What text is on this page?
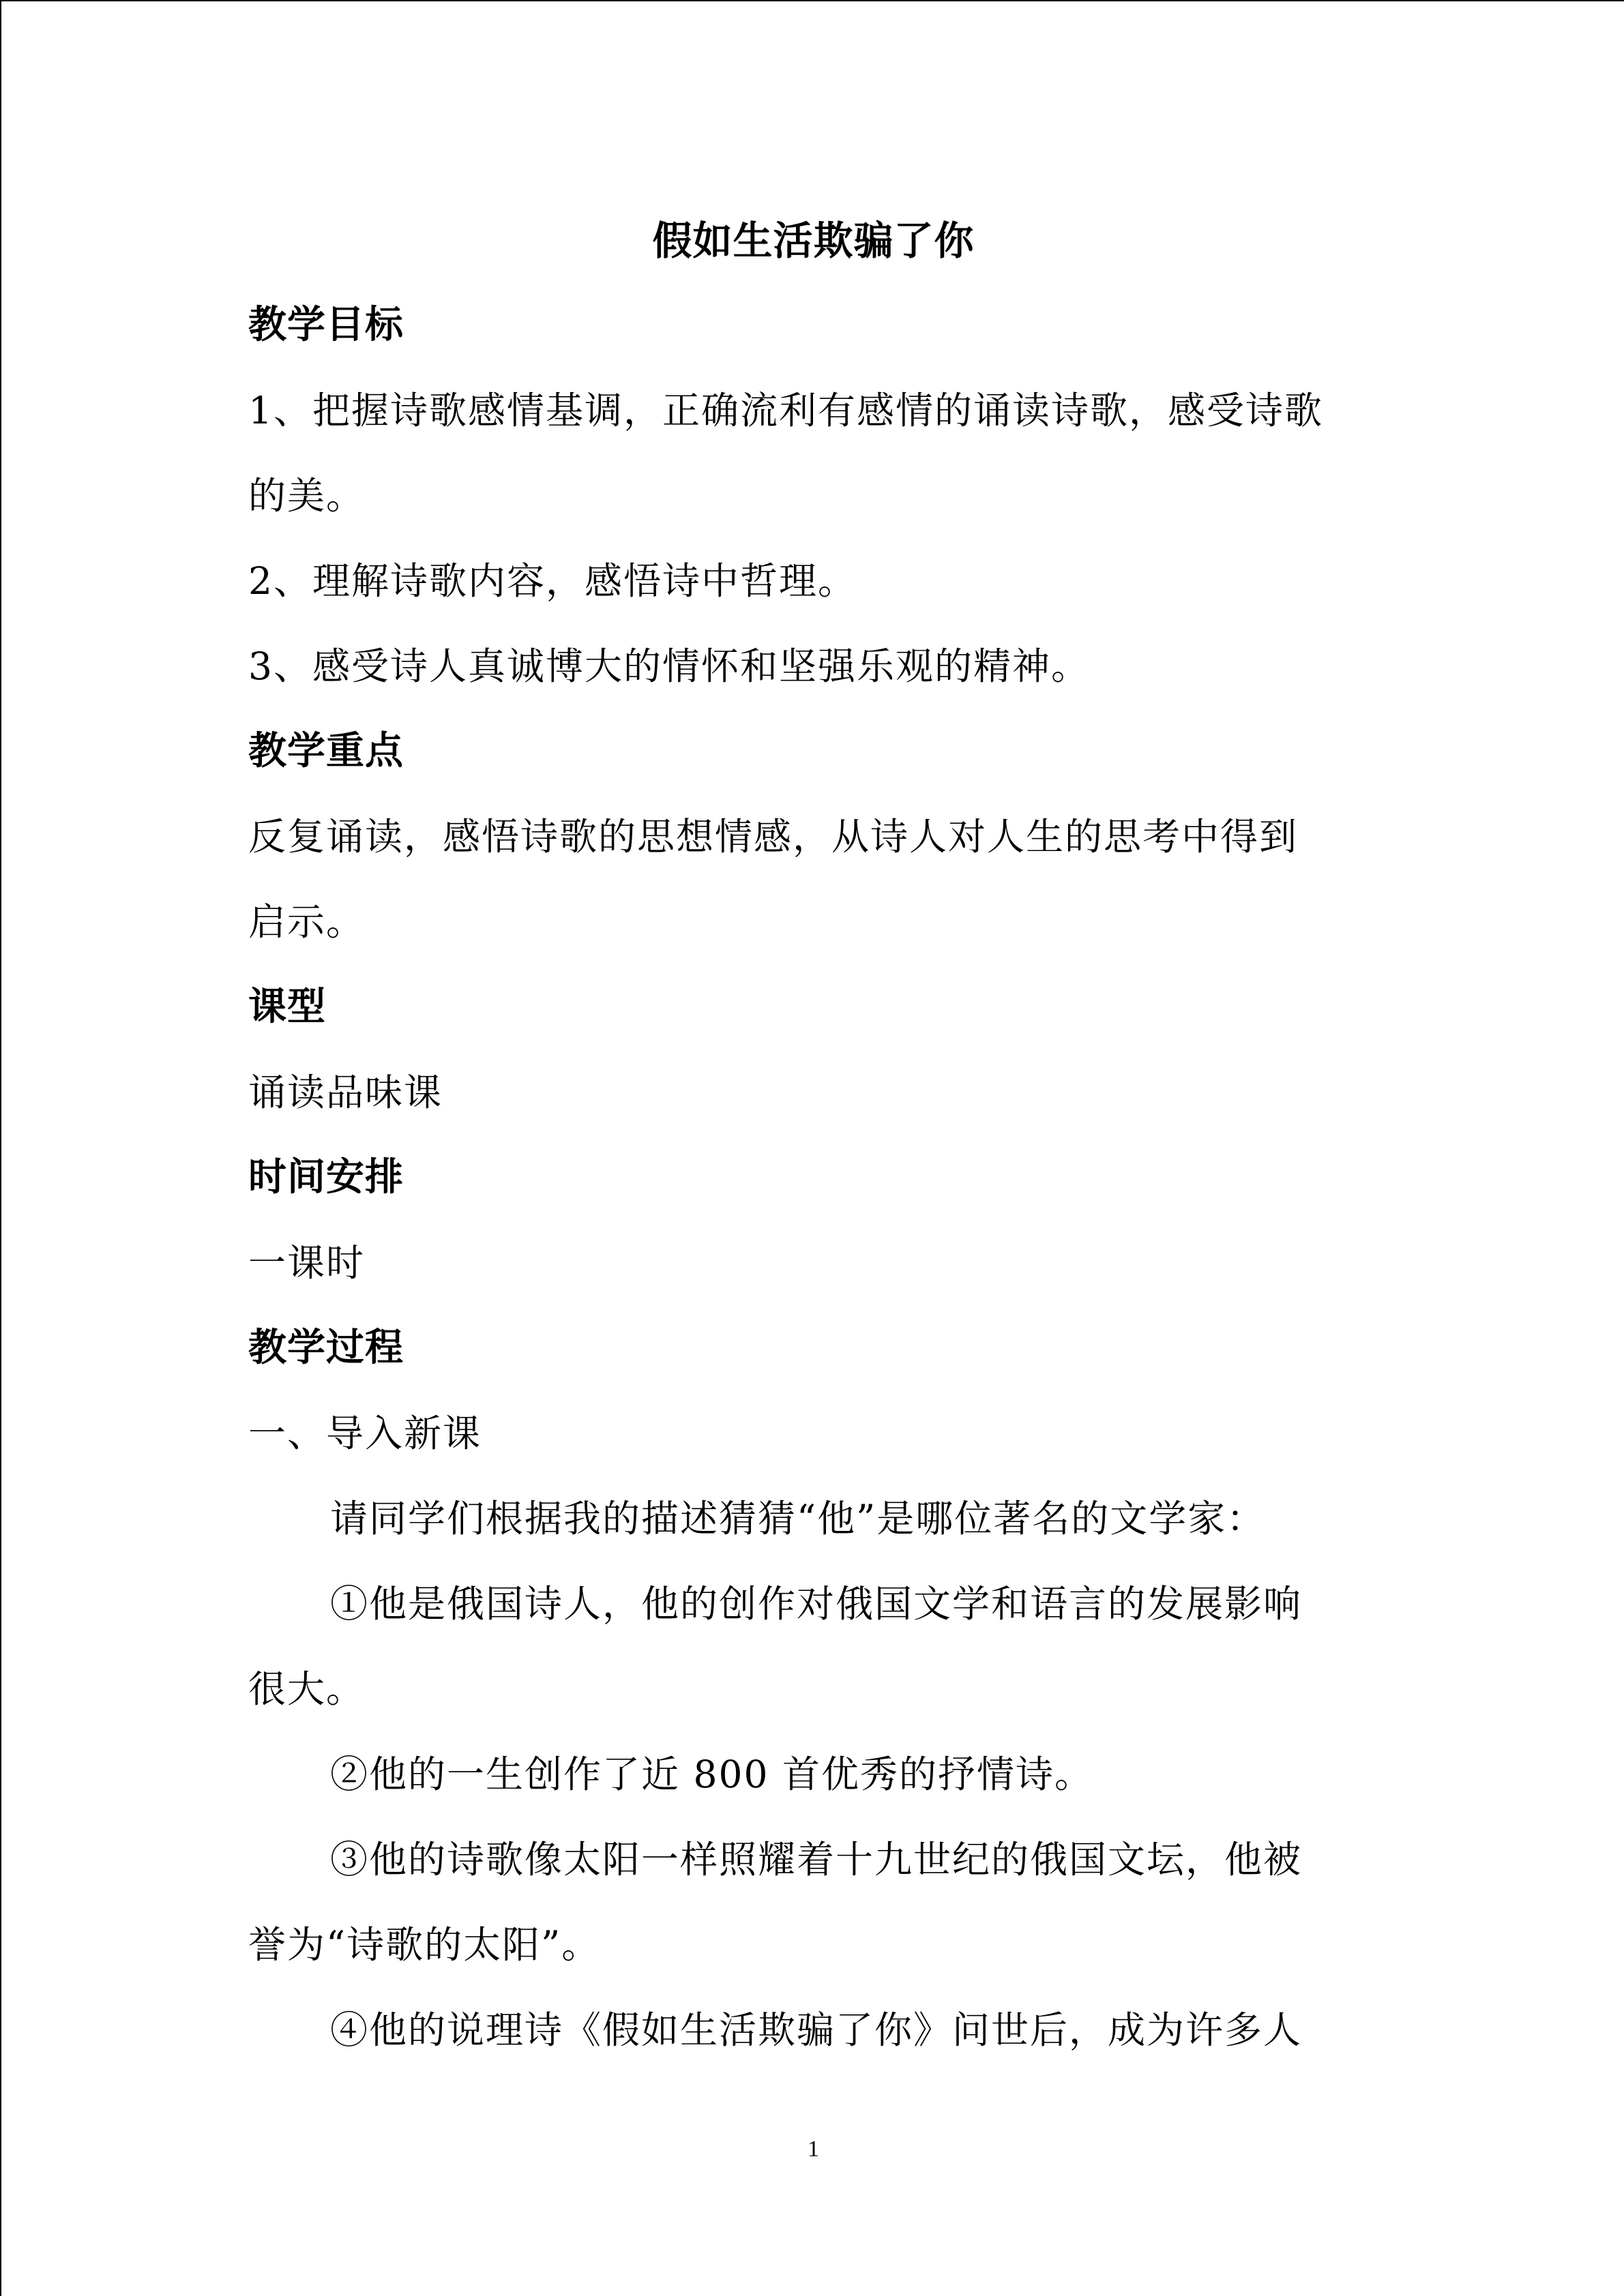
假如生活欺骗了你
教学目标
1、把握诗歌感情基调，正确流利有感情的诵读诗歌，感受诗歌
的美。
2、理解诗歌内容，感悟诗中哲理。
3、感受诗人真诚博大的情怀和坚强乐观的精神。
教学重点
反复诵读，感悟诗歌的思想情感，从诗人对人生的思考中得到
启示。
课型
诵读品味课
时间安排
一课时
教学过程
一、导入新课
请同学们根据我的描述猜猜“他”是哪位著名的文学家：
①他是俄国诗人，他的创作对俄国文学和语言的发展影响
很大。
②他的一生创作了近 800 首优秀的抒情诗。
③他的诗歌像太阳一样照耀着十九世纪的俄国文坛，他被
誉为“诗歌的太阳”。
④他的说理诗《假如生活欺骗了你》问世后，成为许多人
1
